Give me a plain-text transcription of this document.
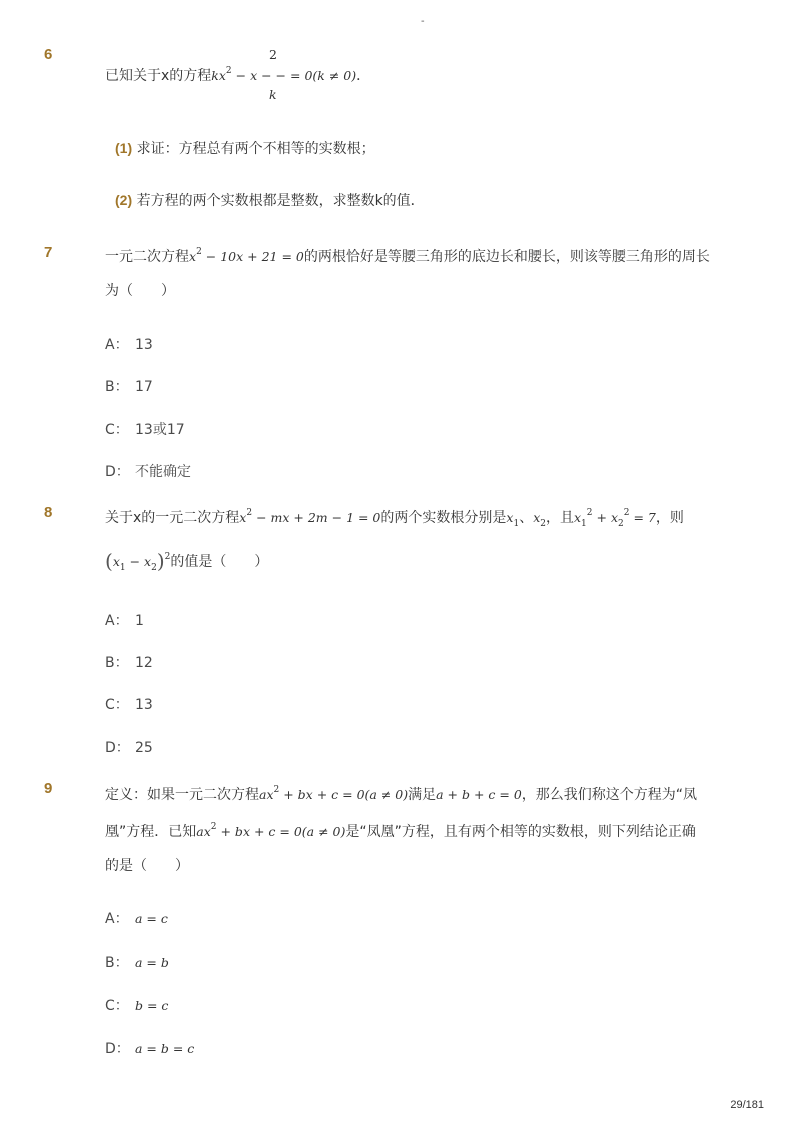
-
6	2
已知关于x的方程$kx^2 - x$ − − = 0(k ≠ 0)．
k
(1) 求证：方程总有两个不相等的实数根；
(2) 若方程的两个实数根都是整数，求整数k的值．
7	一元二次方程$x^2 - 10x + 21 = 0$的两根恰好是等腰三角形的底边长和腰长，则该等腰三角形的周长
为（　　）
A： 13
B： 17
C： 13或17
D： 不能确定
8	关于x的一元二次方程$x^2$ − mx + 2m − 1 = 0的两个实数根分别是$x_1$、$x_2$，且$x_1^2 + x_2^2 = 7$，则
$(x_1 - x_2)^2$的值是（　　）
A： 1
B： 12
C： 13
D： 25
9	定义：如果一元二次方程$ax^2$ + bx + c = 0(a ≠ 0)满足a + b + c = 0，那么我们称这个方程为“凤
凰”方程．已知$ax^2$ + bx + c = 0(a ≠ 0)是“凤凰”方程，且有两个相等的实数根，则下列结论正确
的是（　　）
A： a = c
B： a = b
C： b = c
D： a = b = c
29/181
